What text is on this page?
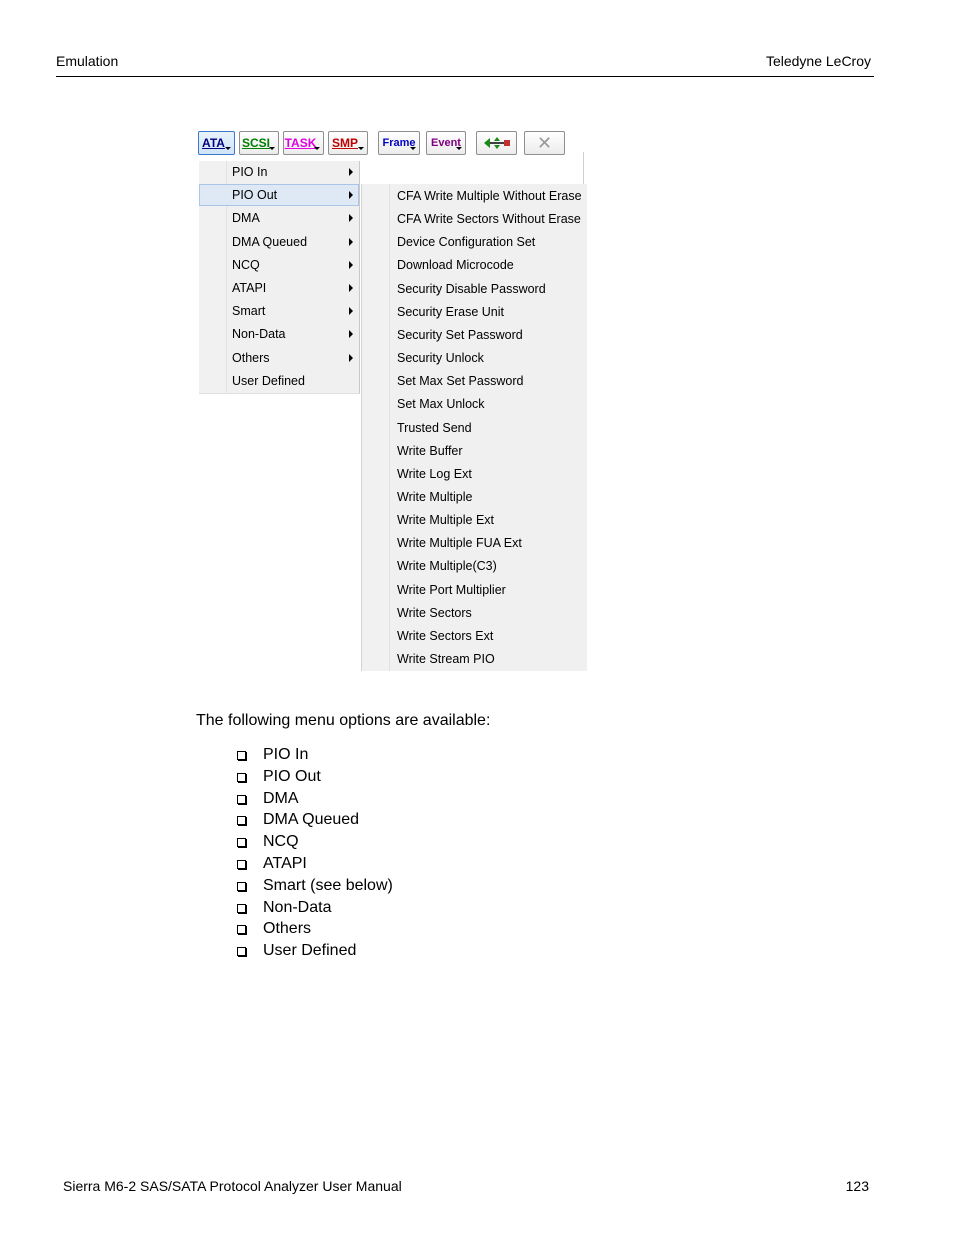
Emulation	Teledyne LeCroy
ATA SCSI TASK SMP Frame Event	✕
PIO In
PIO Out
DMA
DMA Queued
NCQ
ATAPI
Smart
Non-Data
Others
User Defined
CFA Write Multiple Without Erase
CFA Write Sectors Without Erase
Device Configuration Set
Download Microcode
Security Disable Password
Security Erase Unit
Security Set Password
Security Unlock
Set Max Set Password
Set Max Unlock
Trusted Send
Write Buffer
Write Log Ext
Write Multiple
Write Multiple Ext
Write Multiple FUA Ext
Write Multiple(C3)
Write Port Multiplier
Write Sectors
Write Sectors Ext
Write Stream PIO
The following menu options are available:
PIO In
PIO Out
DMA
DMA Queued
NCQ
ATAPI
Smart (see below)
Non-Data
Others
User Defined
Sierra M6-2 SAS/SATA Protocol Analyzer User Manual	123
